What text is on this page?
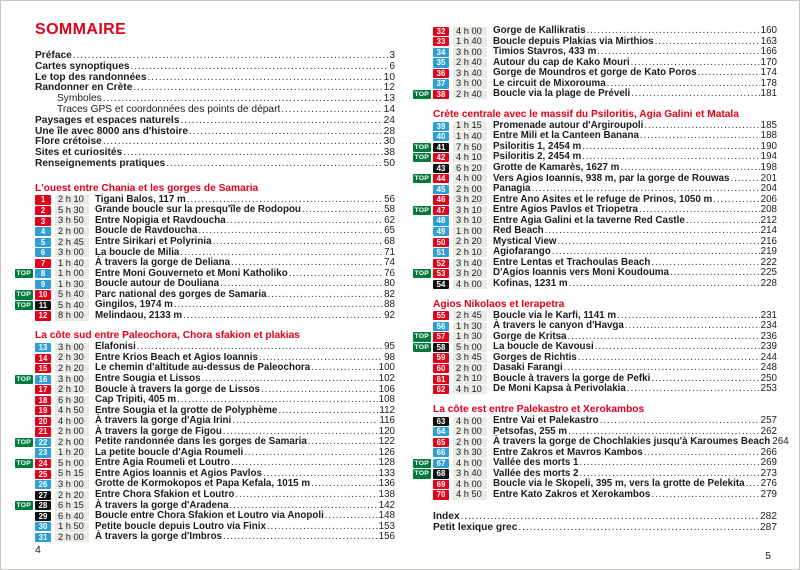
SOMMAIRE
Préface .....	3
Cartes synoptiques .....	6
Le top des randonnées .....	10
Randonner en Crète .....	12
Symboles .....	13
Traces GPS et coordonnées des points de départ .....	14
Paysages et espaces naturels .....	24
Une île avec 8000 ans d'histoire .....	28
Flore crétoise .....	30
Sites et curiosités .....	38
Renseignements pratiques .....	50
L'ouest entre Chania et les gorges de Samaria
1	2 h 10	Tigani Balos, 117 m .....	56
2	5 h 30	Grande boucle sur la presqu'île de Rodopou .....	58
3	3 h 50	Entre Nopigia et Ravdoucha .....	62
4	2 h 00	Boucle de Ravdoucha .....	65
5	2 h 45	Entre Sirikari et Polyrinia .....	68
6	3 h 00	La boucle de Milia .....	71
7	1 h 40	À travers la gorge de Deliana .....	74
TOP	8	1 h 00	Entre Moni Gouverneto et Moni Katholiko .....	76
9	1 h 30	Boucle autour de Douliana .....	80
TOP 10	5 h 40	Parc national des gorges de Samaria .....	82
TOP	11	5 h 40	Gingilos, 1974 m .....	88
12	8 h 00	Melindaou, 2133 m .....	92
La côte sud entre Paleochora, Chora sfakion et plakias
13	3 h 00	Elafonisi .....	95
14	2 h 30	Entre Krios Beach et Agios Ioannis .....	98
15	2 h 20	Le chemin d'altitude au-dessus de Paleochora .....	100
TOP 16	3 h 00	Entre Sougia et Lissos .....	102
17	2 h 10	Boucle à travers la gorge de Lissos .....	106
18	6 h 30	Cap Tripiti, 405 m .....	108
19	4 h 50	Entre Sougia et la grotte de Polyphème .....	112
20	4 h 00	À travers la gorge d'Agia Irini .....	116
21	2 h 00	À travers la gorge de Figou .....	120
TOP 22	2 h 00	Petite randonnée dans les gorges de Samaria .....	122
23	1 h 20	La petite boucle d'Agia Roumeli .....	126
TOP 24	5 h 00	Entre Agia Roumeli et Loutro .....	128
25	5 h 15	Entre Agios Ioannis et Agios Pavlos .....	133
26	3 h 00	Grotte de Kormokopos et Papa Kefala, 1015 m .....	136
27	2 h 20	Entre Chora Sfakion et Loutro .....	138
TOP 28	6 h 15	À travers la gorge d'Aradena .....	142
29	6 h 40	Boucle entre Chora Sfakion et Loutro via Anopoli .....	148
30	1 h 50	Petite boucle depuis Loutro via Finix .....	153
31	2 h 00	À travers la gorge d'Imbros .....	156
4
32	4 h 00	Gorge de Kallikratis .....	160
33	1 h 40	Boucle depuis Plakias via Mirthios .....	163
34	3 h 00	Timios Stavros, 433 m .....	166
35	2 h 40	Autour du cap de Kako Mouri .....	170
36	3 h 40	Gorge de Moundros et gorge de Kato Poros .....	174
37	3 h 00	Le circuit de Mixorouma .....	178
TOP 38	2 h 40	Boucle via la plage de Préveli .....	181
Crète centrale avec le massif du Psiloritis, Agia Galini et Matala
39	1 h 15	Promenade autour d'Argiroupoli .....	185
40	1 h 40	Entre Mili et la Canteen Banana .....	188
TOP 41	7 h 50	Psiloritis 1, 2454 m .....	190
TOP 42	4 h 10	Psiloritis 2, 2454 m .....	194
43	6 h 20	Grotte de Kamarès, 1627 m .....	198
TOP 44	4 h 00	Vers Agios Ioannis, 938 m, par la gorge de Rouwas .....	201
45	2 h 00	Panagia .....	204
46	3 h 20	Entre Ano Asites et le refuge de Prinos, 1050 m .....	206
TOP 47	3 h 10	Entre Agios Pavlos et Triopetra .....	208
48	3 h 10	Entre Agia Galini et la taverne Red Castle .....	212
49	1 h 00	Red Beach .....	214
50	2 h 20	Mystical View .....	216
51	2 h 10	Agiofarango .....	219
52	3 h 40	Entre Lentas et Trachoulas Beach .....	222
TOP 53	3 h 20	D'Agios Ioannis vers Moni Koudouma .....	225
54	4 h 00	Kofinas, 1231 m .....	228
Agios Nikolaos et Ierapetra
55	2 h 45	Boucle via le Karfi, 1141 m .....	231
56	1 h 30	À travers le canyon d'Havga .....	234
TOP 57	1 h 30	Gorge de Kritsa .....	236
TOP 58	5 h 00	La boucle de Kavousi .....	239
59	3 h 45	Gorges de Richtis .....	244
60	2 h 00	Dasaki Farangi .....	248
61	2 h 10	Boucle à travers la gorge de Pefki .....	250
62	4 h 10	De Moni Kapsa à Perivolakia .....	253
La côte est entre Palekastro et Xerokambos
63	4 h 00	Entre Vai et Palekastro .....	257
64	2 h 00	Petsofas, 255 m .....	262
65	2 h 00	À travers la gorge de Chochlakies jusqu'à Karoumes Beach 264
66	3 h 30	Entre Zakros et Mavros Kambos .....	266
TOP 67	4 h 00	Vallée des morts 1 .....	269
TOP 68	3 h 40	Vallée des morts 2 .....	273
69	4 h 00	Boucle via le Skopeli, 395 m, vers la grotte de Pelekita ..... 276
70	4 h 50	Entre Kato Zakros et Xerokambos .....	279
Index .....	282
Petit lexique grec .....	287
5
